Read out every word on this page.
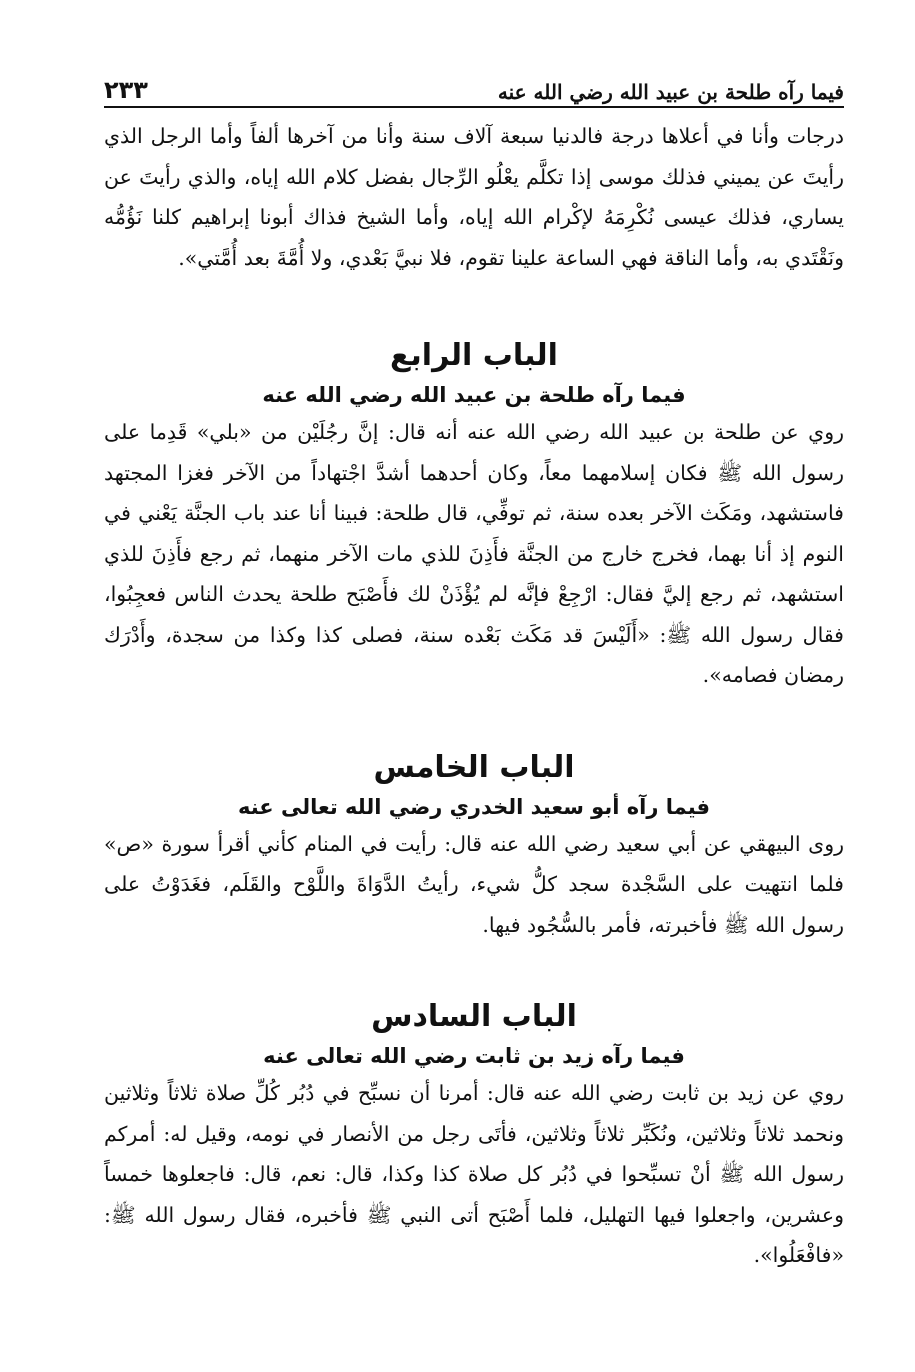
فيما رآه طلحة بن عبيد الله رضي الله عنه
٢٣٣

درجات وأنا في أعلاها درجة فالدنيا سبعة آلاف سنة وأنا من آخرها ألفاً وأما الرجل الذي رأيتَ عن يميني فذلك موسى إذا تكلَّم يعْلُو الرِّجال بفضل كلام الله إياه، والذي رأيتَ عن يساري، فذلك عيسى نُكْرِمَهُ لإكْرام الله إياه، وأما الشيخ فذاك أبونا إبراهيم كلنا نَؤُمُّه ونَقْتَدي به، وأما الناقة فهي الساعة علينا تقوم، فلا نبيَّ بَعْدي، ولا أُمَّةَ بعد أُمَّتي».

الباب الرابع
فيما رآه طلحة بن عبيد الله رضي الله عنه

روي عن طلحة بن عبيد الله رضي الله عنه أنه قال: إنَّ رجُلَيْن من «بلي» قَدِما على رسول الله ﷺ فكان إسلامهما معاً، وكان أحدهما أشدَّ اجْتهاداً من الآخر فغزا المجتهد فاستشهد، ومَكَث الآخر بعده سنة، ثم توفِّي، قال طلحة: فبينا أنا عند باب الجنَّة يَعْني في النوم إذ أنا بهما، فخرج خارج من الجنَّة فأَذِنَ للذي مات الآخر منهما، ثم رجع فأَذِنَ للذي استشهد، ثم رجع إليَّ فقال: ارْجِعْ فإنَّه لم يُؤْذَنْ لك فأَصْبَح طلحة يحدث الناس فعجِبُوا، فقال رسول الله ﷺ: «أَلَيْسَ قد مَكَث بَعْده سنة، فصلى كذا وكذا من سجدة، وأَدْرَك رمضان فصامه».

الباب الخامس
فيما رآه أبو سعيد الخدري رضي الله تعالى عنه

روى البيهقي عن أبي سعيد رضي الله عنه قال: رأيت في المنام كأني أقرأ سورة «ص» فلما انتهيت على السَّجْدة سجد كلُّ شيء، رأيتُ الدَّوَاةَ واللَّوْح والقَلَم، فغَدَوْتُ على رسول الله ﷺ فأخبرته، فأمر بالسُّجُود فيها.

الباب السادس
فيما رآه زيد بن ثابت رضي الله تعالى عنه

روي عن زيد بن ثابت رضي الله عنه قال: أمرنا أن نسبِّح في دُبُر كُلِّ صلاة ثلاثاً وثلاثين ونحمد ثلاثاً وثلاثين، ونُكَبِّر ثلاثاً وثلاثين، فأتَى رجل من الأنصار في نومه، وقيل له: أمركم رسول الله ﷺ أنْ تسبِّحوا في دُبُر كل صلاة كذا وكذا، قال: نعم، قال: فاجعلوها خمساً وعشرين، واجعلوا فيها التهليل، فلما أَصْبَح أتى النبي ﷺ فأخبره، فقال رسول الله ﷺ: «فافْعَلُوا».
